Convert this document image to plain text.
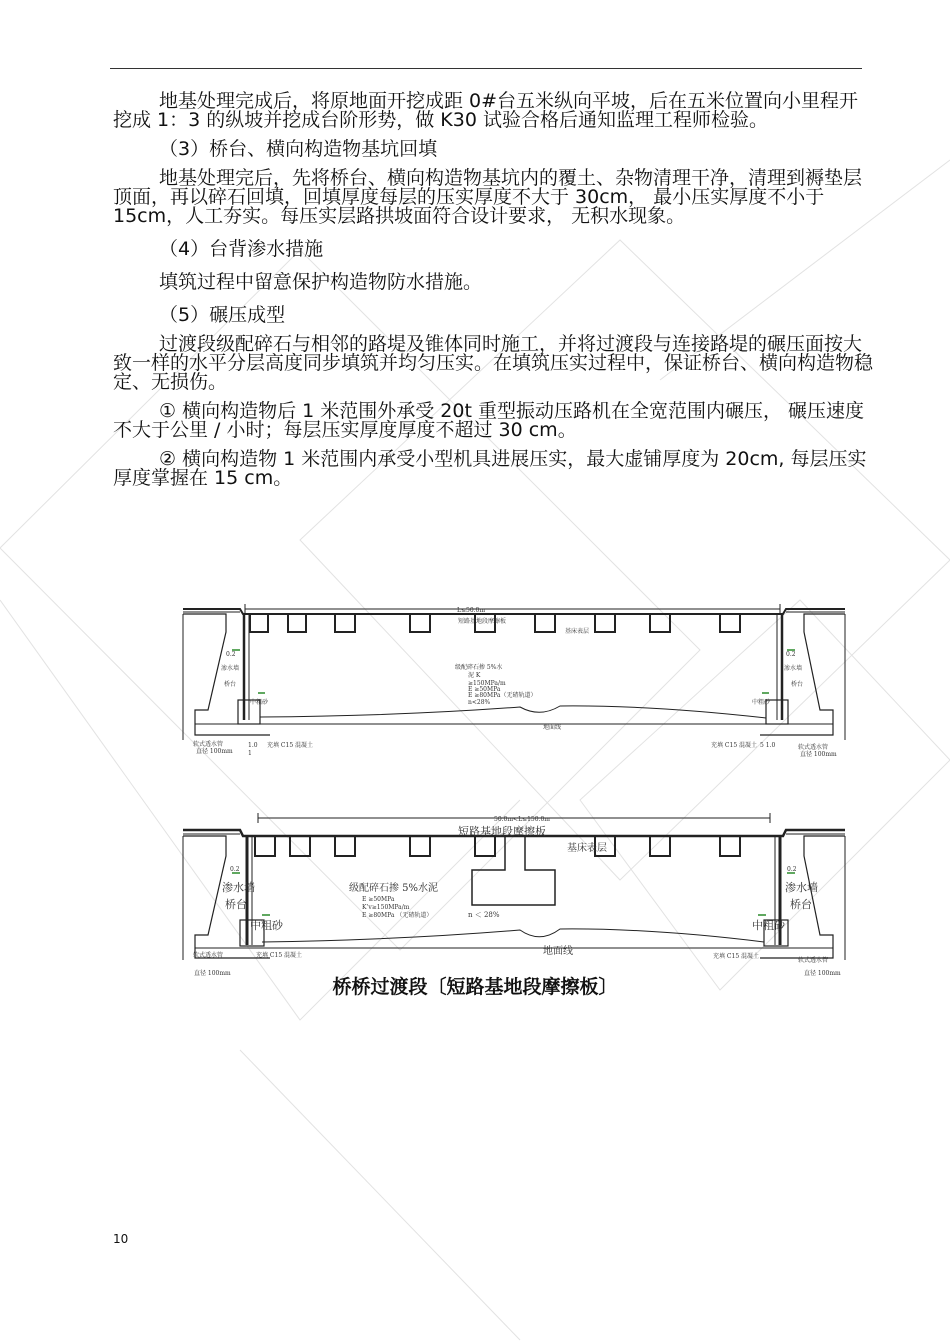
地基处理完成后，将原地面开挖成距 0#台五米纵向平坡，后在五米位置向小里程开挖成 1：3 的纵坡并挖成台阶形势，做 K30 试验合格后通知监理工程师检验。

（3）桥台、横向构造物基坑回填

地基处理完后，先将桥台、横向构造物基坑内的覆土、杂物清理干净，清理到褥垫层顶面，再以碎石回填，回填厚度每层的压实厚度不大于 30cm， 最小压实厚度不小于 15cm，人工夯实。每压实层路拱坡面符合设计要求， 无积水现象。

（4）台背渗水措施

填筑过程中留意保护构造物防水措施。

（5）碾压成型

过渡段级配碎石与相邻的路堤及锥体同时施工，并将过渡段与连接路堤的碾压面按大致一样的水平分层高度同步填筑并均匀压实。在填筑压实过程中，保证桥台、横向构造物稳定、无损伤。

① 横向构造物后 1 米范围外承受 20t 重型振动压路机在全宽范围内碾压， 碾压速度不大于公里 / 小时；每层压实厚度厚度不超过 30 cm。

② 横向构造物 1 米范围内承受小型机具进展压实，最大虚铺厚度为 20cm, 每层压实厚度掌握在 15 cm。

L≤50.0m
短路基地段摩擦板
基床表层
级配碎石掺 5%水
泥 K
≥150MPa/m
E ≥50MPa
E ≥80MPa（无碴轨道）
n<28%
地面线
0.2	0.2
渗水墙	渗水墙
桥台	桥台
中粗砂	中粗砂
软式透水管
直径 100mm
软式透水管
直径 100mm
充填 C15 混凝土	充填 C15 混凝土
1.0
1
5 1.0
50.0m<L≤150.0m
短路基地段摩擦板
基床表层
级配碎石掺 5%水泥
E ≥50MPa
K’v≥150MPa/m
E ≥80MPa （无碴轨道）	n ＜ 28%
地面线
0.2	0.2
渗水墙	渗水墙
桥台	桥台
中粗砂	中粗砂
软式透水管
直径 100mm
软式透水管
直径 100mm
充填 C15 混凝土	充填 C15 混凝土
桥桥过渡段〔短路基地段摩擦板〕
10
